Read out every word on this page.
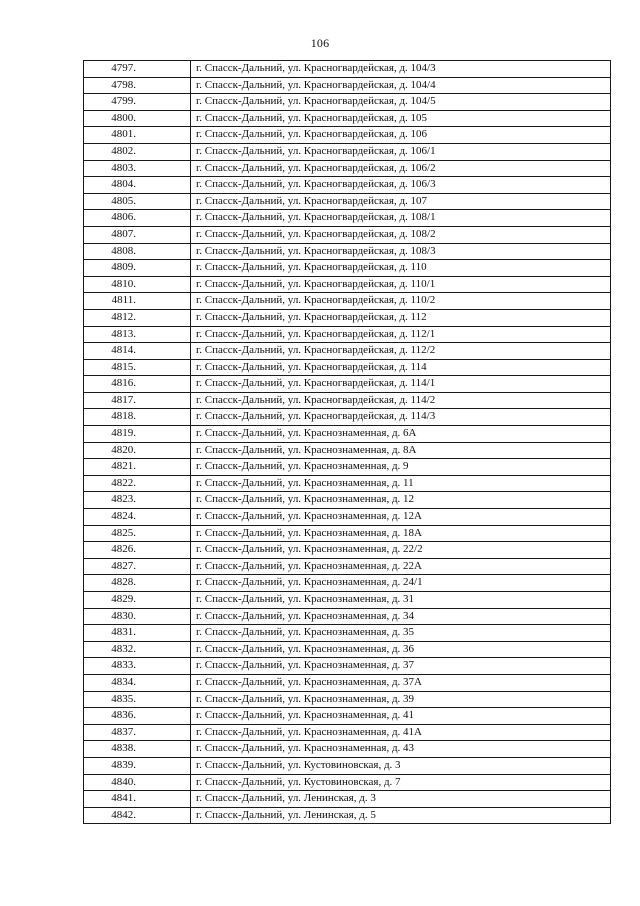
106
4797.	г. Спасск-Дальний, ул. Красногвардейская, д. 104/3
4798.	г. Спасск-Дальний, ул. Красногвардейская, д. 104/4
4799.	г. Спасск-Дальний, ул. Красногвардейская, д. 104/5
4800.	г. Спасск-Дальний, ул. Красногвардейская, д. 105
4801.	г. Спасск-Дальний, ул. Красногвардейская, д. 106
4802.	г. Спасск-Дальний, ул. Красногвардейская, д. 106/1
4803.	г. Спасск-Дальний, ул. Красногвардейская, д. 106/2
4804.	г. Спасск-Дальний, ул. Красногвардейская, д. 106/3
4805.	г. Спасск-Дальний, ул. Красногвардейская, д. 107
4806.	г. Спасск-Дальний, ул. Красногвардейская, д. 108/1
4807.	г. Спасск-Дальний, ул. Красногвардейская, д. 108/2
4808.	г. Спасск-Дальний, ул. Красногвардейская, д. 108/3
4809.	г. Спасск-Дальний, ул. Красногвардейская, д. 110
4810.	г. Спасск-Дальний, ул. Красногвардейская, д. 110/1
4811.	г. Спасск-Дальний, ул. Красногвардейская, д. 110/2
4812.	г. Спасск-Дальний, ул. Красногвардейская, д. 112
4813.	г. Спасск-Дальний, ул. Красногвардейская, д. 112/1
4814.	г. Спасск-Дальний, ул. Красногвардейская, д. 112/2
4815.	г. Спасск-Дальний, ул. Красногвардейская, д. 114
4816.	г. Спасск-Дальний, ул. Красногвардейская, д. 114/1
4817.	г. Спасск-Дальний, ул. Красногвардейская, д. 114/2
4818.	г. Спасск-Дальний, ул. Красногвардейская, д. 114/3
4819.	г. Спасск-Дальний, ул. Краснознаменная, д. 6А
4820.	г. Спасск-Дальний, ул. Краснознаменная, д. 8А
4821.	г. Спасск-Дальний, ул. Краснознаменная, д. 9
4822.	г. Спасск-Дальний, ул. Краснознаменная, д. 11
4823.	г. Спасск-Дальний, ул. Краснознаменная, д. 12
4824.	г. Спасск-Дальний, ул. Краснознаменная, д. 12А
4825.	г. Спасск-Дальний, ул. Краснознаменная, д. 18А
4826.	г. Спасск-Дальний, ул. Краснознаменная, д. 22/2
4827.	г. Спасск-Дальний, ул. Краснознаменная, д. 22А
4828.	г. Спасск-Дальний, ул. Краснознаменная, д. 24/1
4829.	г. Спасск-Дальний, ул. Краснознаменная, д. 31
4830.	г. Спасск-Дальний, ул. Краснознаменная, д. 34
4831.	г. Спасск-Дальний, ул. Краснознаменная, д. 35
4832.	г. Спасск-Дальний, ул. Краснознаменная, д. 36
4833.	г. Спасск-Дальний, ул. Краснознаменная, д. 37
4834.	г. Спасск-Дальний, ул. Краснознаменная, д. 37А
4835.	г. Спасск-Дальний, ул. Краснознаменная, д. 39
4836.	г. Спасск-Дальний, ул. Краснознаменная, д. 41
4837.	г. Спасск-Дальний, ул. Краснознаменная, д. 41А
4838.	г. Спасск-Дальний, ул. Краснознаменная, д. 43
4839.	г. Спасск-Дальний, ул. Кустовиновская, д. 3
4840.	г. Спасск-Дальний, ул. Кустовиновская, д. 7
4841.	г. Спасск-Дальний, ул. Ленинская, д. 3
4842.	г. Спасск-Дальний, ул. Ленинская, д. 5
